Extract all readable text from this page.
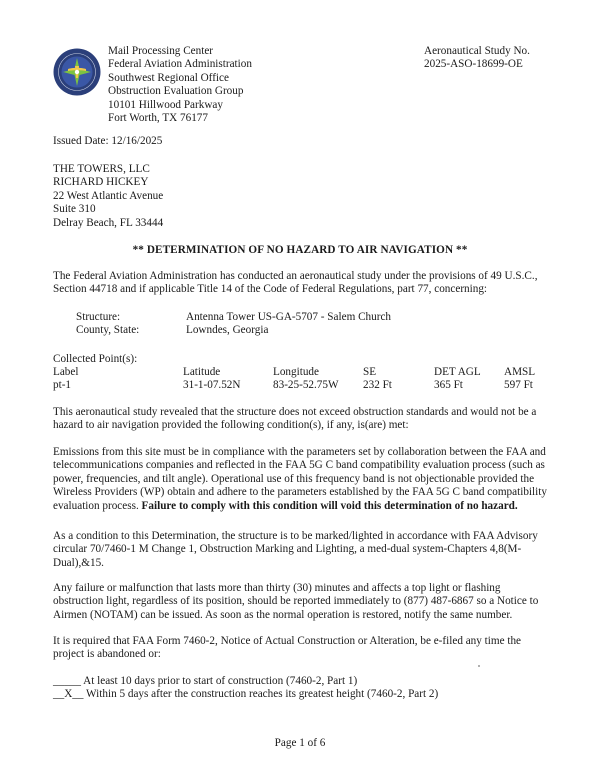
Mail Processing Center
Federal Aviation Administration
Southwest Regional Office
Obstruction Evaluation Group
10101 Hillwood Parkway
Fort Worth, TX 76177
Aeronautical Study No.
2025-ASO-18699-OE
Issued Date: 12/16/2025
THE TOWERS, LLC
RICHARD HICKEY
22 West Atlantic Avenue
Suite 310
Delray Beach, FL 33444
** DETERMINATION OF NO HAZARD TO AIR NAVIGATION **
The Federal Aviation Administration has conducted an aeronautical study under the provisions of 49 U.S.C., Section 44718 and if applicable Title 14 of the Code of Federal Regulations, part 77, concerning:
Structure:	Antenna Tower US-GA-5707 - Salem Church
County, State:	Lowndes, Georgia
Collected Point(s):
Label	Latitude	Longitude	SE	DET AGL	AMSL
pt-1	31-1-07.52N	83-25-52.75W	232 Ft	365 Ft	597 Ft
This aeronautical study revealed that the structure does not exceed obstruction standards and would not be a hazard to air navigation provided the following condition(s), if any, is(are) met:
Emissions from this site must be in compliance with the parameters set by collaboration between the FAA and telecommunications companies and reflected in the FAA 5G C band compatibility evaluation process (such as power, frequencies, and tilt angle). Operational use of this frequency band is not objectionable provided the Wireless Providers (WP) obtain and adhere to the parameters established by the FAA 5G C band compatibility evaluation process. Failure to comply with this condition will void this determination of no hazard.
As a condition to this Determination, the structure is to be marked/lighted in accordance with FAA Advisory circular 70/7460-1 M Change 1, Obstruction Marking and Lighting, a med-dual system-Chapters 4,8(M-Dual),&15.
Any failure or malfunction that lasts more than thirty (30) minutes and affects a top light or flashing obstruction light, regardless of its position, should be reported immediately to (877) 487-6867 so a Notice to Airmen (NOTAM) can be issued. As soon as the normal operation is restored, notify the same number.
It is required that FAA Form 7460-2, Notice of Actual Construction or Alteration, be e-filed any time the project is abandoned or:
_____ At least 10 days prior to start of construction (7460-2, Part 1)
__X__ Within 5 days after the construction reaches its greatest height (7460-2, Part 2)
Page 1 of 6
